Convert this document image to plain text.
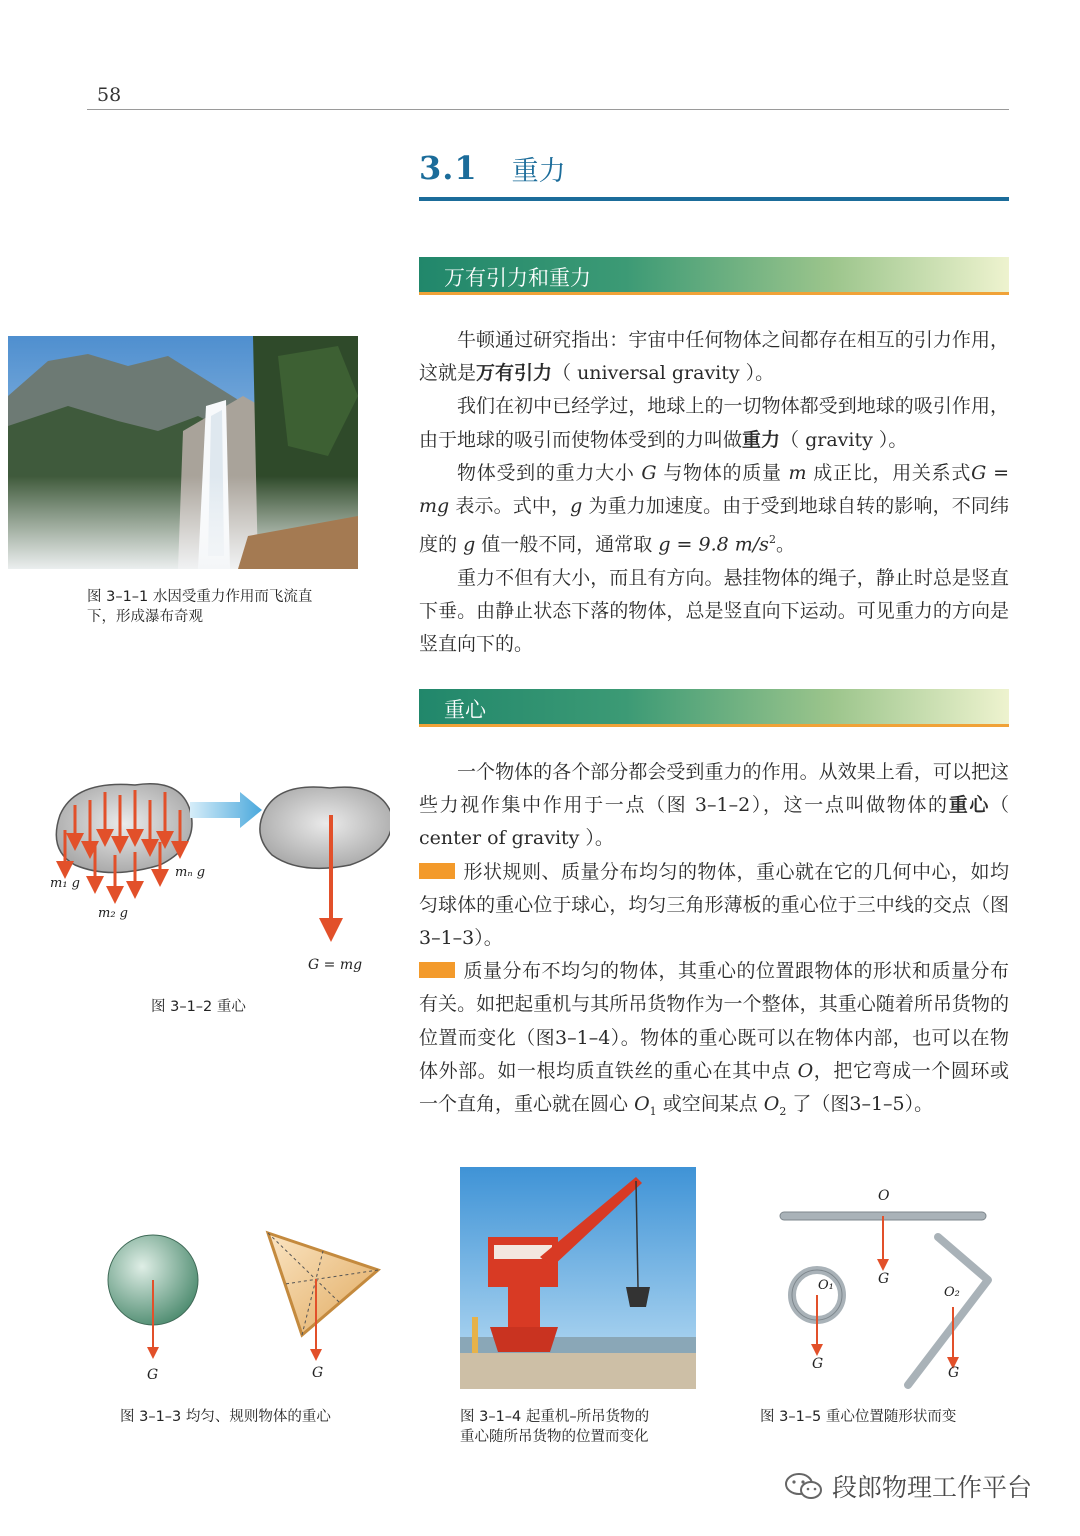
58
3.1 重力
万有引力和重力

牛顿通过研究指出：宇宙中任何物体之间都存在相互的引力作用，这就是万有引力（ universal gravity ）。

我们在初中已经学过，地球上的一切物体都受到地球的吸引作用，由于地球的吸引而使物体受到的力叫做重力（ gravity ）。

物体受到的重力大小 G 与物体的质量 m 成正比，用关系式G = mg 表示。式中，g 为重力加速度。由于受到地球自转的影响，不同纬度的 g 值一般不同，通常取 g = 9.8 $m/s^2$。

重力不但有大小，而且有方向。悬挂物体的绳子，静止时总是竖直下垂。由静止状态下落的物体，总是竖直向下运动。可见重力的方向是竖直向下的。

重心

一个物体的各个部分都会受到重力的作用。从效果上看，可以把这些力视作集中作用于一点（图 3–1–2），这一点叫做物体的重心（ center of gravity ）。

形状规则、质量分布均匀的物体，重心就在它的几何中心，如均匀球体的重心位于球心，均匀三角形薄板的重心位于三中线的交点（图3–1–3）。

质量分布不均匀的物体，其重心的位置跟物体的形状和质量分布有关。如把起重机与其所吊货物作为一个整体，其重心随着所吊货物的位置而变化（图3–1–4）。物体的重心既可以在物体内部，也可以在物体外部。如一根均质直铁丝的重心在其中点 O，把它弯成一个圆环或一个直角，重心就在圆心 $O_1$ 或空间某点 $O_2$ 了（图3–1–5）。

图 3–1–1 水因受重力作用而飞流直
下，形成瀑布奇观
m₁ g
mₙ g
m₂ g
G = mg
图 3–1–2 重心
G	G
图 3–1–3 均匀、规则物体的重心	图 3–1–4 起重机–所吊货物的
重心随所吊货物的位置而变化
O
G
O₁
G
O₂
G
图 3–1–5 重心位置随形状而变
段郎物理工作平台
